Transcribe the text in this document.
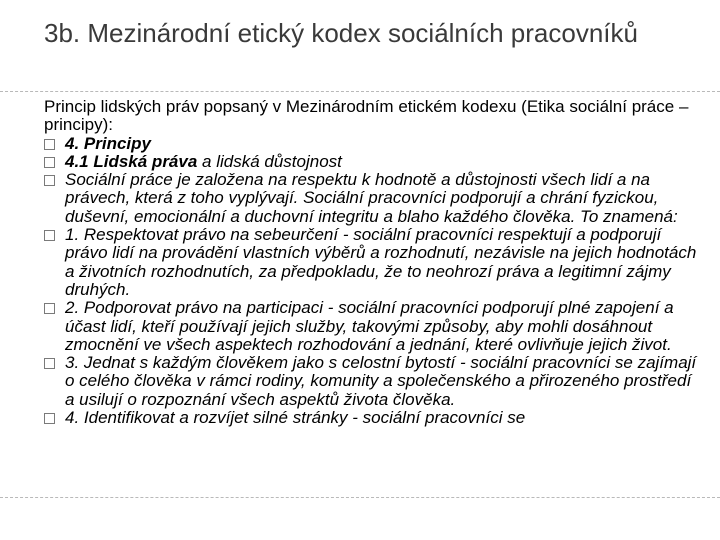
3b. Mezinárodní etický kodex sociálních pracovníků

Princip lidských práv popsaný v Mezinárodním etickém kodexu (Etika sociální práce – principy):

4. Principy
4.1 Lidská práva a lidská důstojnost
Sociální práce je založena na respektu k hodnotě a důstojnosti všech lidí a na právech, která z toho vyplývají. Sociální pracovníci podporují a chrání fyzickou, duševní, emocionální a duchovní integritu a blaho každého člověka. To znamená:
1. Respektovat právo na sebeurčení - sociální pracovníci respektují a podporují právo lidí na provádění vlastních výběrů a rozhodnutí, nezávisle na jejich hodnotách a životních rozhodnutích, za předpokladu, že to neohrozí práva a legitimní zájmy druhých.
2. Podporovat právo na participaci - sociální pracovníci podporují plné zapojení a účast lidí, kteří používají jejich služby, takovými způsoby, aby mohli dosáhnout zmocnění ve všech aspektech rozhodování a jednání, které ovlivňuje jejich život.
3. Jednat s každým člověkem jako s celostní bytostí - sociální pracovníci se zajímají o celého člověka v rámci rodiny, komunity a společenského a přirozeného prostředí a usilují o rozpoznání všech aspektů života člověka.
4. Identifikovat a rozvíjet silné stránky - sociální pracovníci se
